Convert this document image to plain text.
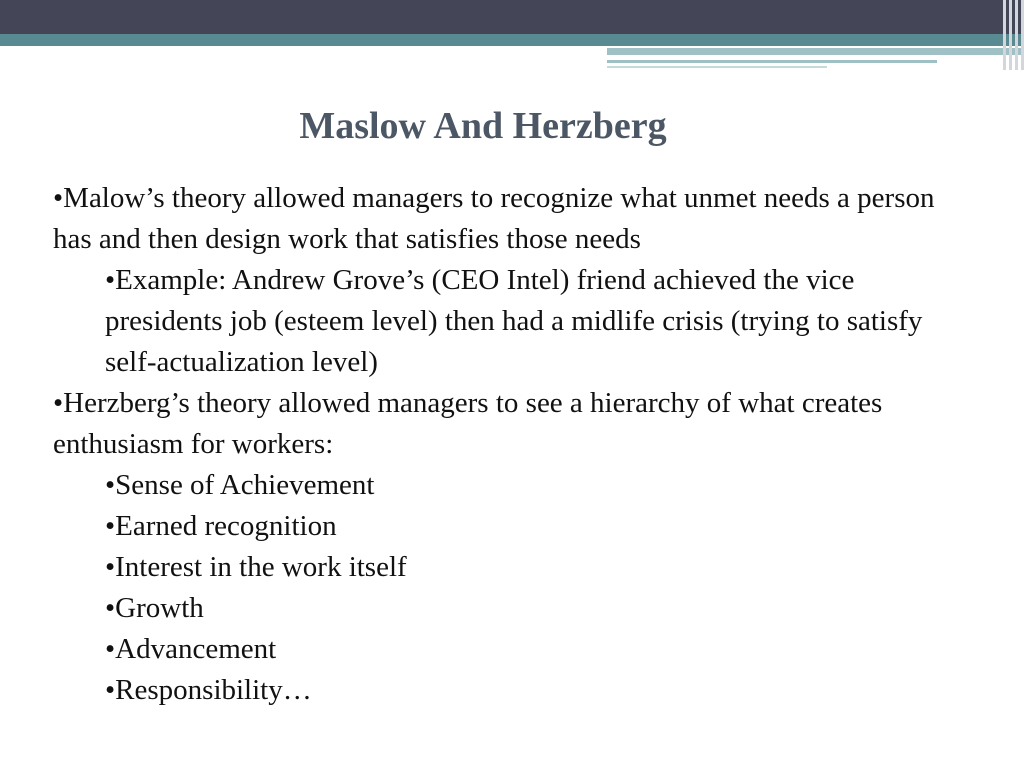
Maslow And Herzberg

•Malow’s theory allowed managers to recognize what unmet needs a person has and then design work that satisfies those needs

•Example: Andrew Grove’s (CEO Intel) friend achieved the vice presidents job (esteem level) then had a midlife crisis (trying to satisfy self-actualization level)

•Herzberg’s theory allowed managers to see a hierarchy of what creates enthusiasm for workers:

•Sense of Achievement

•Earned recognition

•Interest in the work itself

•Growth

•Advancement

•Responsibility…
